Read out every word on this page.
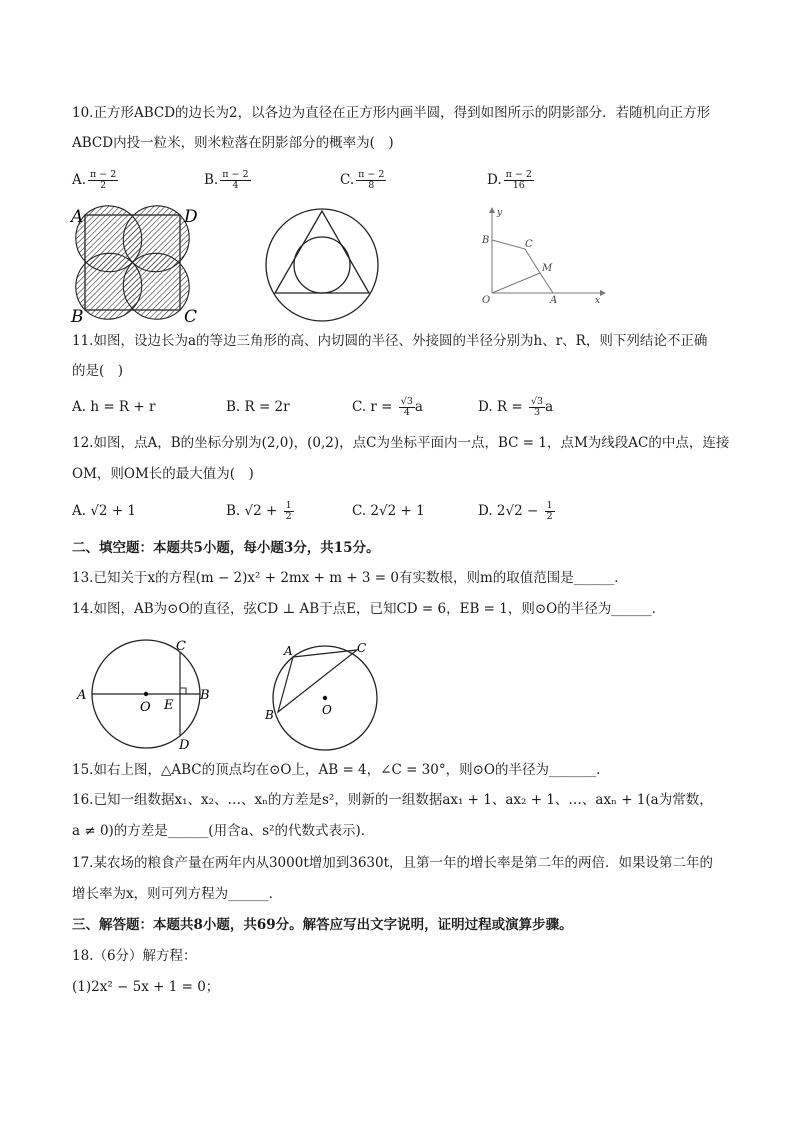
10.正方形ABCD的边长为2，以各边为直径在正方形内画半圆，得到如图所示的阴影部分．若随机向正方形
ABCD内投一粒米，则米粒落在阴影部分的概率为(　)
A. $\frac{\pi - 2}{2}$	B. $\frac{\pi - 2}{4}$	C. $\frac{\pi - 2}{8}$	D. $\frac{\pi - 2}{16}$
A	D
B	C
y
x
B	C
M
O	A
11.如图，设边长为a的等边三角形的高、内切圆的半径、外接圆的半径分别为h、r、R，则下列结论不正确
的是(　)
A. h = R + r	B. R = 2r	C. $r = \frac{√3}{4}$ a	D. $R = \frac{√3}{3}$ a
12.如图，点A，B的坐标分别为(2,0)，(0,2)，点C为坐标平面内一点，BC = 1，点M为线段AC的中点，连接
OM，则OM长的最大值为(　)
A. √2 + 1	B. $√2 + \frac{1}{2}$	C. 2√2 + 1	D. $2√2 - \frac{1}{2}$
二、填空题：本题共5小题，每小题3分，共15分。
13.已知关于x的方程(m − 2)x² + 2mx + m + 3 = 0有实数根，则m的取值范围是______．
14.如图，AB为⊙O的直径，弦CD ⊥ AB于点E，已知CD = 6，EB = 1，则⊙O的半径为______．
A	B
C
D
E
O
A	C
B	O
15.如右上图，△ABC的顶点均在⊙O上，AB = 4，∠C = 30°，则⊙O的半径为_______．
16.已知一组数据x₁、x₂、…、xₙ的方差是s²，则新的一组数据ax₁ + 1、ax₂ + 1、…、axₙ + 1(a为常数，
a ≠ 0)的方差是______(用含a、s²的代数式表示)．
17.某农场的粮食产量在两年内从3000t增加到3630t，且第一年的增长率是第二年的两倍．如果设第二年的
增长率为x，则可列方程为______．
三、解答题：本题共8小题，共69分。解答应写出文字说明，证明过程或演算步骤。
18.（6分）解方程：
(1)2x² − 5x + 1 = 0；
